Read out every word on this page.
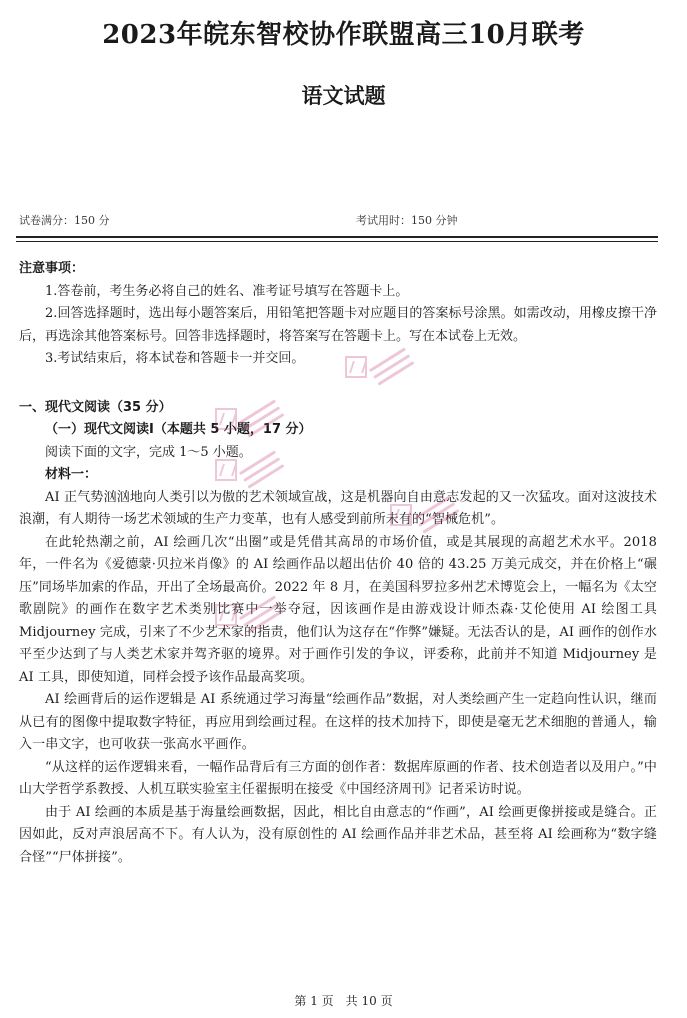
2023年皖东智校协作联盟高三10月联考
语文试题
试卷满分：150 分	考试用时：150 分钟

注意事项：

1.答卷前，考生务必将自己的姓名、准考证号填写在答题卡上。

2.回答选择题时，选出每小题答案后，用铅笔把答题卡对应题目的答案标号涂黑。如需改动，用橡皮擦干净后，再选涂其他答案标号。回答非选择题时，将答案写在答题卡上。写在本试卷上无效。

3.考试结束后，将本试卷和答题卡一并交回。

一、现代文阅读（35 分）

（一）现代文阅读Ⅰ（本题共 5 小题，17 分）

阅读下面的文字，完成 1～5 小题。

材料一：

AI 正气势汹汹地向人类引以为傲的艺术领域宣战，这是机器向自由意志发起的又一次猛攻。面对这波技术浪潮，有人期待一场艺术领域的生产力变革，也有人感受到前所未有的“智械危机”。

在此轮热潮之前，AI 绘画几次“出圈”或是凭借其高昂的市场价值，或是其展现的高超艺术水平。2018 年，一件名为《爱德蒙·贝拉米肖像》的 AI 绘画作品以超出估价 40 倍的 43.25 万美元成交，并在价格上“碾压”同场毕加索的作品，开出了全场最高价。2022 年 8 月，在美国科罗拉多州艺术博览会上，一幅名为《太空歌剧院》的画作在数字艺术类别比赛中一举夺冠，因该画作是由游戏设计师杰森·艾伦使用 AI 绘图工具 Midjourney 完成，引来了不少艺术家的指责，他们认为这存在“作弊”嫌疑。无法否认的是，AI 画作的创作水平至少达到了与人类艺术家并驾齐驱的境界。对于画作引发的争议，评委称，此前并不知道 Midjourney 是 AI 工具，即使知道，同样会授予该作品最高奖项。

AI 绘画背后的运作逻辑是 AI 系统通过学习海量“绘画作品”数据，对人类绘画产生一定趋向性认识，继而从已有的图像中提取数字特征，再应用到绘画过程。在这样的技术加持下，即使是毫无艺术细胞的普通人，输入一串文字，也可收获一张高水平画作。

“从这样的运作逻辑来看，一幅作品背后有三方面的创作者：数据库原画的作者、技术创造者以及用户。”中山大学哲学系教授、人机互联实验室主任翟振明在接受《中国经济周刊》记者采访时说。

由于 AI 绘画的本质是基于海量绘画数据，因此，相比自由意志的“作画”，AI 绘画更像拼接或是缝合。正因如此，反对声浪居高不下。有人认为，没有原创性的 AI 绘画作品并非艺术品，甚至将 AI 绘画称为“数字缝合怪”“尸体拼接”。

第 1 页　共 10 页
